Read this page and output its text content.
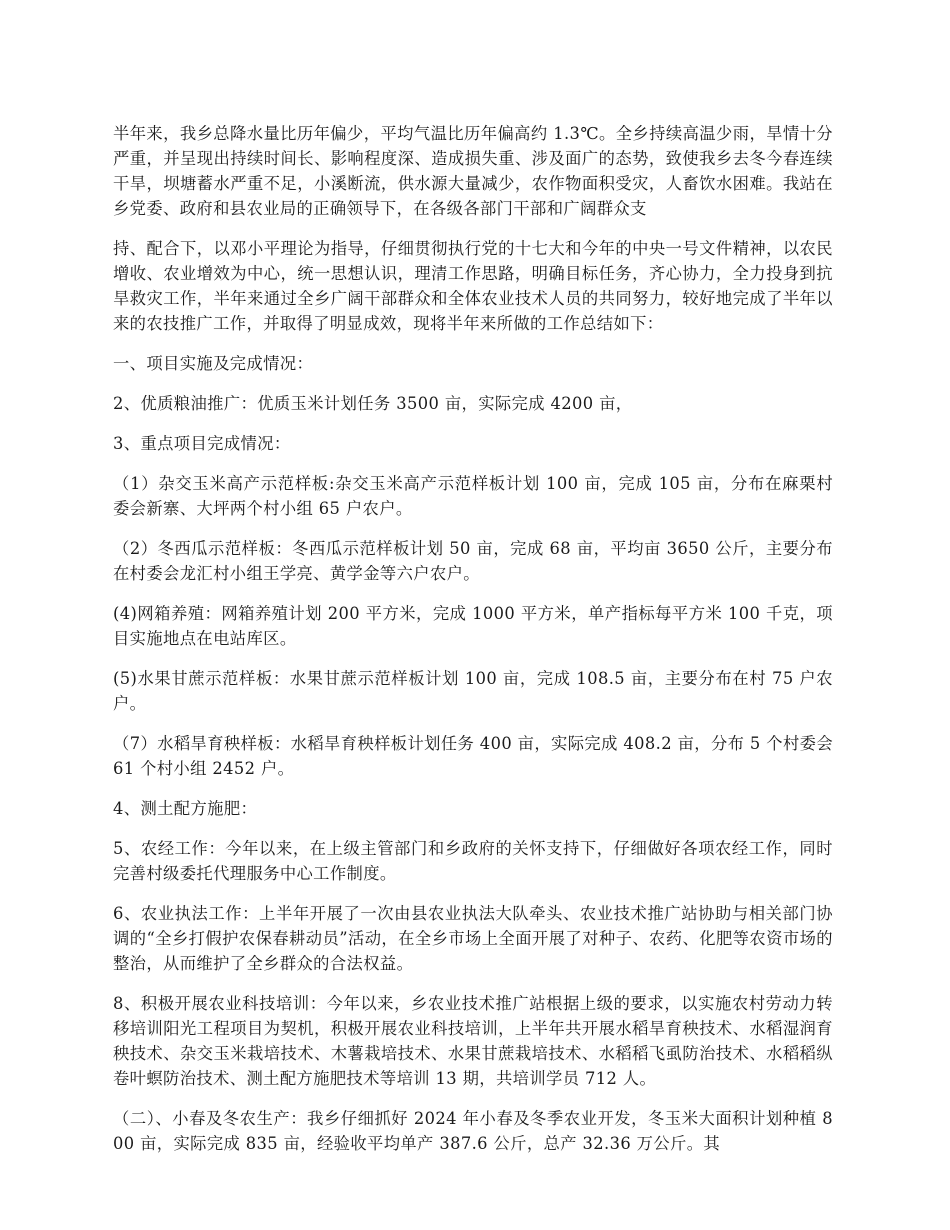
半年来，我乡总降水量比历年偏少，平均气温比历年偏高约 1.3℃。全乡持续高温少雨，旱情十分严重，并呈现出持续时间长、影响程度深、造成损失重、涉及面广的态势，致使我乡去冬今春连续干旱，坝塘蓄水严重不足，小溪断流，供水源大量减少，农作物面积受灾，人畜饮水困难。我站在乡党委、政府和县农业局的正确领导下，在各级各部门干部和广阔群众支

持、配合下，以邓小平理论为指导，仔细贯彻执行党的十七大和今年的中央一号文件精神，以农民增收、农业增效为中心，统一思想认识，理清工作思路，明确目标任务，齐心协力，全力投身到抗旱救灾工作，半年来通过全乡广阔干部群众和全体农业技术人员的共同努力，较好地完成了半年以来的农技推广工作，并取得了明显成效，现将半年来所做的工作总结如下：

一、项目实施及完成情况：

2、优质粮油推广：优质玉米计划任务 3500 亩，实际完成 4200 亩，

3、重点项目完成情况：

（1）杂交玉米高产示范样板:杂交玉米高产示范样板计划 100 亩，完成 105 亩，分布在麻栗村委会新寨、大坪两个村小组 65 户农户。

（2）冬西瓜示范样板：冬西瓜示范样板计划 50 亩，完成 68 亩，平均亩 3650 公斤，主要分布在村委会龙汇村小组王学亮、黄学金等六户农户。

(4)网箱养殖：网箱养殖计划 200 平方米，完成 1000 平方米，单产指标每平方米 100 千克，项目实施地点在电站库区。

(5)水果甘蔗示范样板：水果甘蔗示范样板计划 100 亩，完成 108.5 亩，主要分布在村 75 户农户。

（7）水稻旱育秧样板：水稻旱育秧样板计划任务 400 亩，实际完成 408.2 亩，分布 5 个村委会 61 个村小组 2452 户。

4、测土配方施肥：

5、农经工作：今年以来，在上级主管部门和乡政府的关怀支持下，仔细做好各项农经工作，同时完善村级委托代理服务中心工作制度。

6、农业执法工作：上半年开展了一次由县农业执法大队牵头、农业技术推广站协助与相关部门协调的“全乡打假护农保春耕动员”活动，在全乡市场上全面开展了对种子、农药、化肥等农资市场的整治，从而维护了全乡群众的合法权益。

8、积极开展农业科技培训：今年以来，乡农业技术推广站根据上级的要求，以实施农村劳动力转移培训阳光工程项目为契机，积极开展农业科技培训，上半年共开展水稻旱育秧技术、水稻湿润育秧技术、杂交玉米栽培技术、木薯栽培技术、水果甘蔗栽培技术、水稻稻飞虱防治技术、水稻稻纵卷叶螟防治技术、测土配方施肥技术等培训 13 期，共培训学员 712 人。

（二）、小春及冬农生产：我乡仔细抓好 2024 年小春及冬季农业开发，冬玉米大面积计划种植 800 亩，实际完成 835 亩，经验收平均单产 387.6 公斤，总产 32.36 万公斤。其
